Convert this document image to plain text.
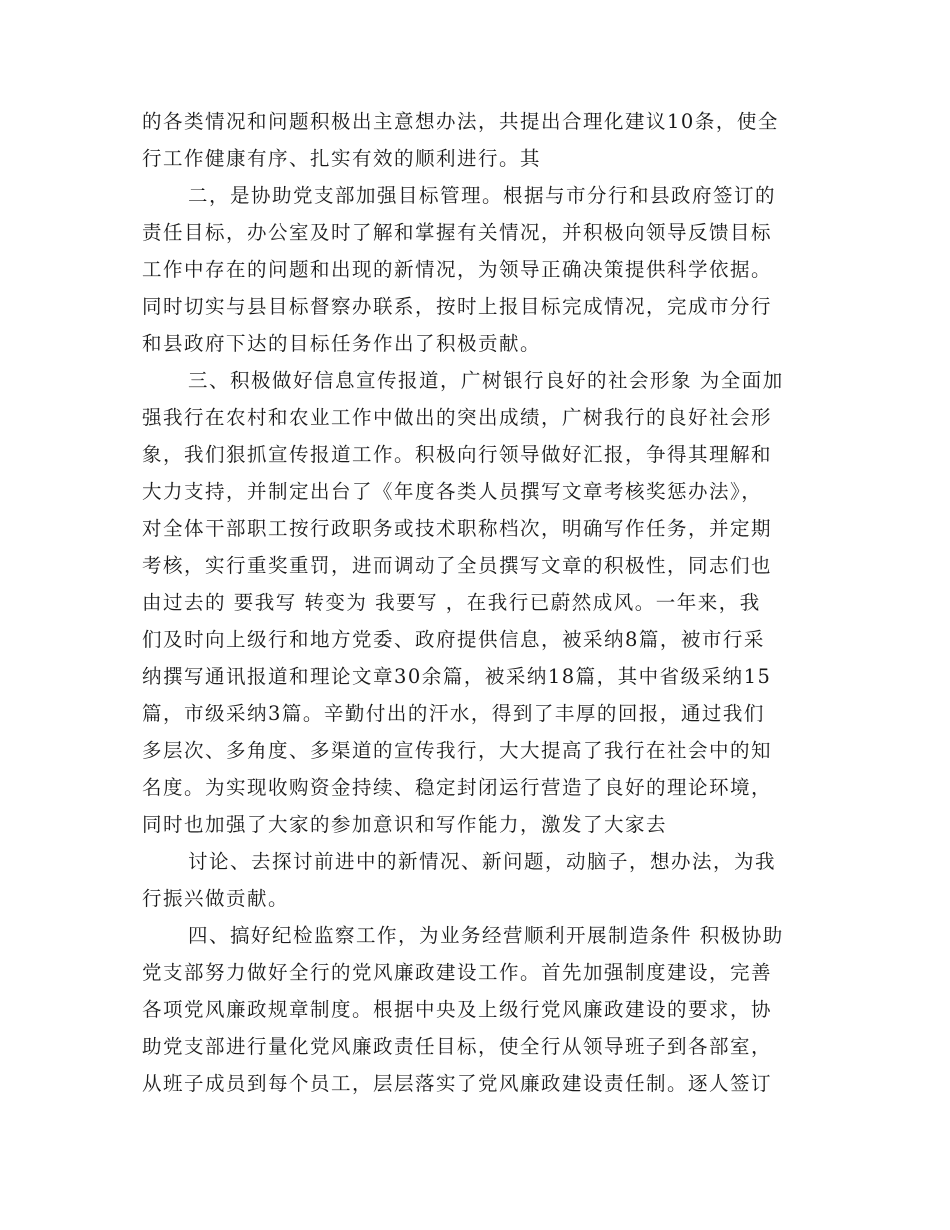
的各类情况和问题积极出主意想办法，共提出合理化建议10条，使全
行工作健康有序、扎实有效的顺利进行。其
二，是协助党支部加强目标管理。根据与市分行和县政府签订的
责任目标，办公室及时了解和掌握有关情况，并积极向领导反馈目标
工作中存在的问题和出现的新情况，为领导正确决策提供科学依据。
同时切实与县目标督察办联系，按时上报目标完成情况，完成市分行
和县政府下达的目标任务作出了积极贡献。
三、积极做好信息宣传报道，广树银行良好的社会形象 为全面加
强我行在农村和农业工作中做出的突出成绩，广树我行的良好社会形
象，我们狠抓宣传报道工作。积极向行领导做好汇报，争得其理解和
大力支持，并制定出台了《年度各类人员撰写文章考核奖惩办法》，
对全体干部职工按行政职务或技术职称档次，明确写作任务，并定期
考核，实行重奖重罚，进而调动了全员撰写文章的积极性，同志们也
由过去的 要我写 转变为 我要写 ，在我行已蔚然成风。一年来，我
们及时向上级行和地方党委、政府提供信息，被采纳8篇，被市行采
纳撰写通讯报道和理论文章30余篇，被采纳18篇，其中省级采纳15
篇，市级采纳3篇。辛勤付出的汗水，得到了丰厚的回报，通过我们
多层次、多角度、多渠道的宣传我行，大大提高了我行在社会中的知
名度。为实现收购资金持续、稳定封闭运行营造了良好的理论环境，
同时也加强了大家的参加意识和写作能力，激发了大家去
讨论、去探讨前进中的新情况、新问题，动脑子，想办法，为我
行振兴做贡献。
四、搞好纪检监察工作，为业务经营顺利开展制造条件 积极协助
党支部努力做好全行的党风廉政建设工作。首先加强制度建设，完善
各项党风廉政规章制度。根据中央及上级行党风廉政建设的要求，协
助党支部进行量化党风廉政责任目标，使全行从领导班子到各部室，
从班子成员到每个员工，层层落实了党风廉政建设责任制。逐人签订
